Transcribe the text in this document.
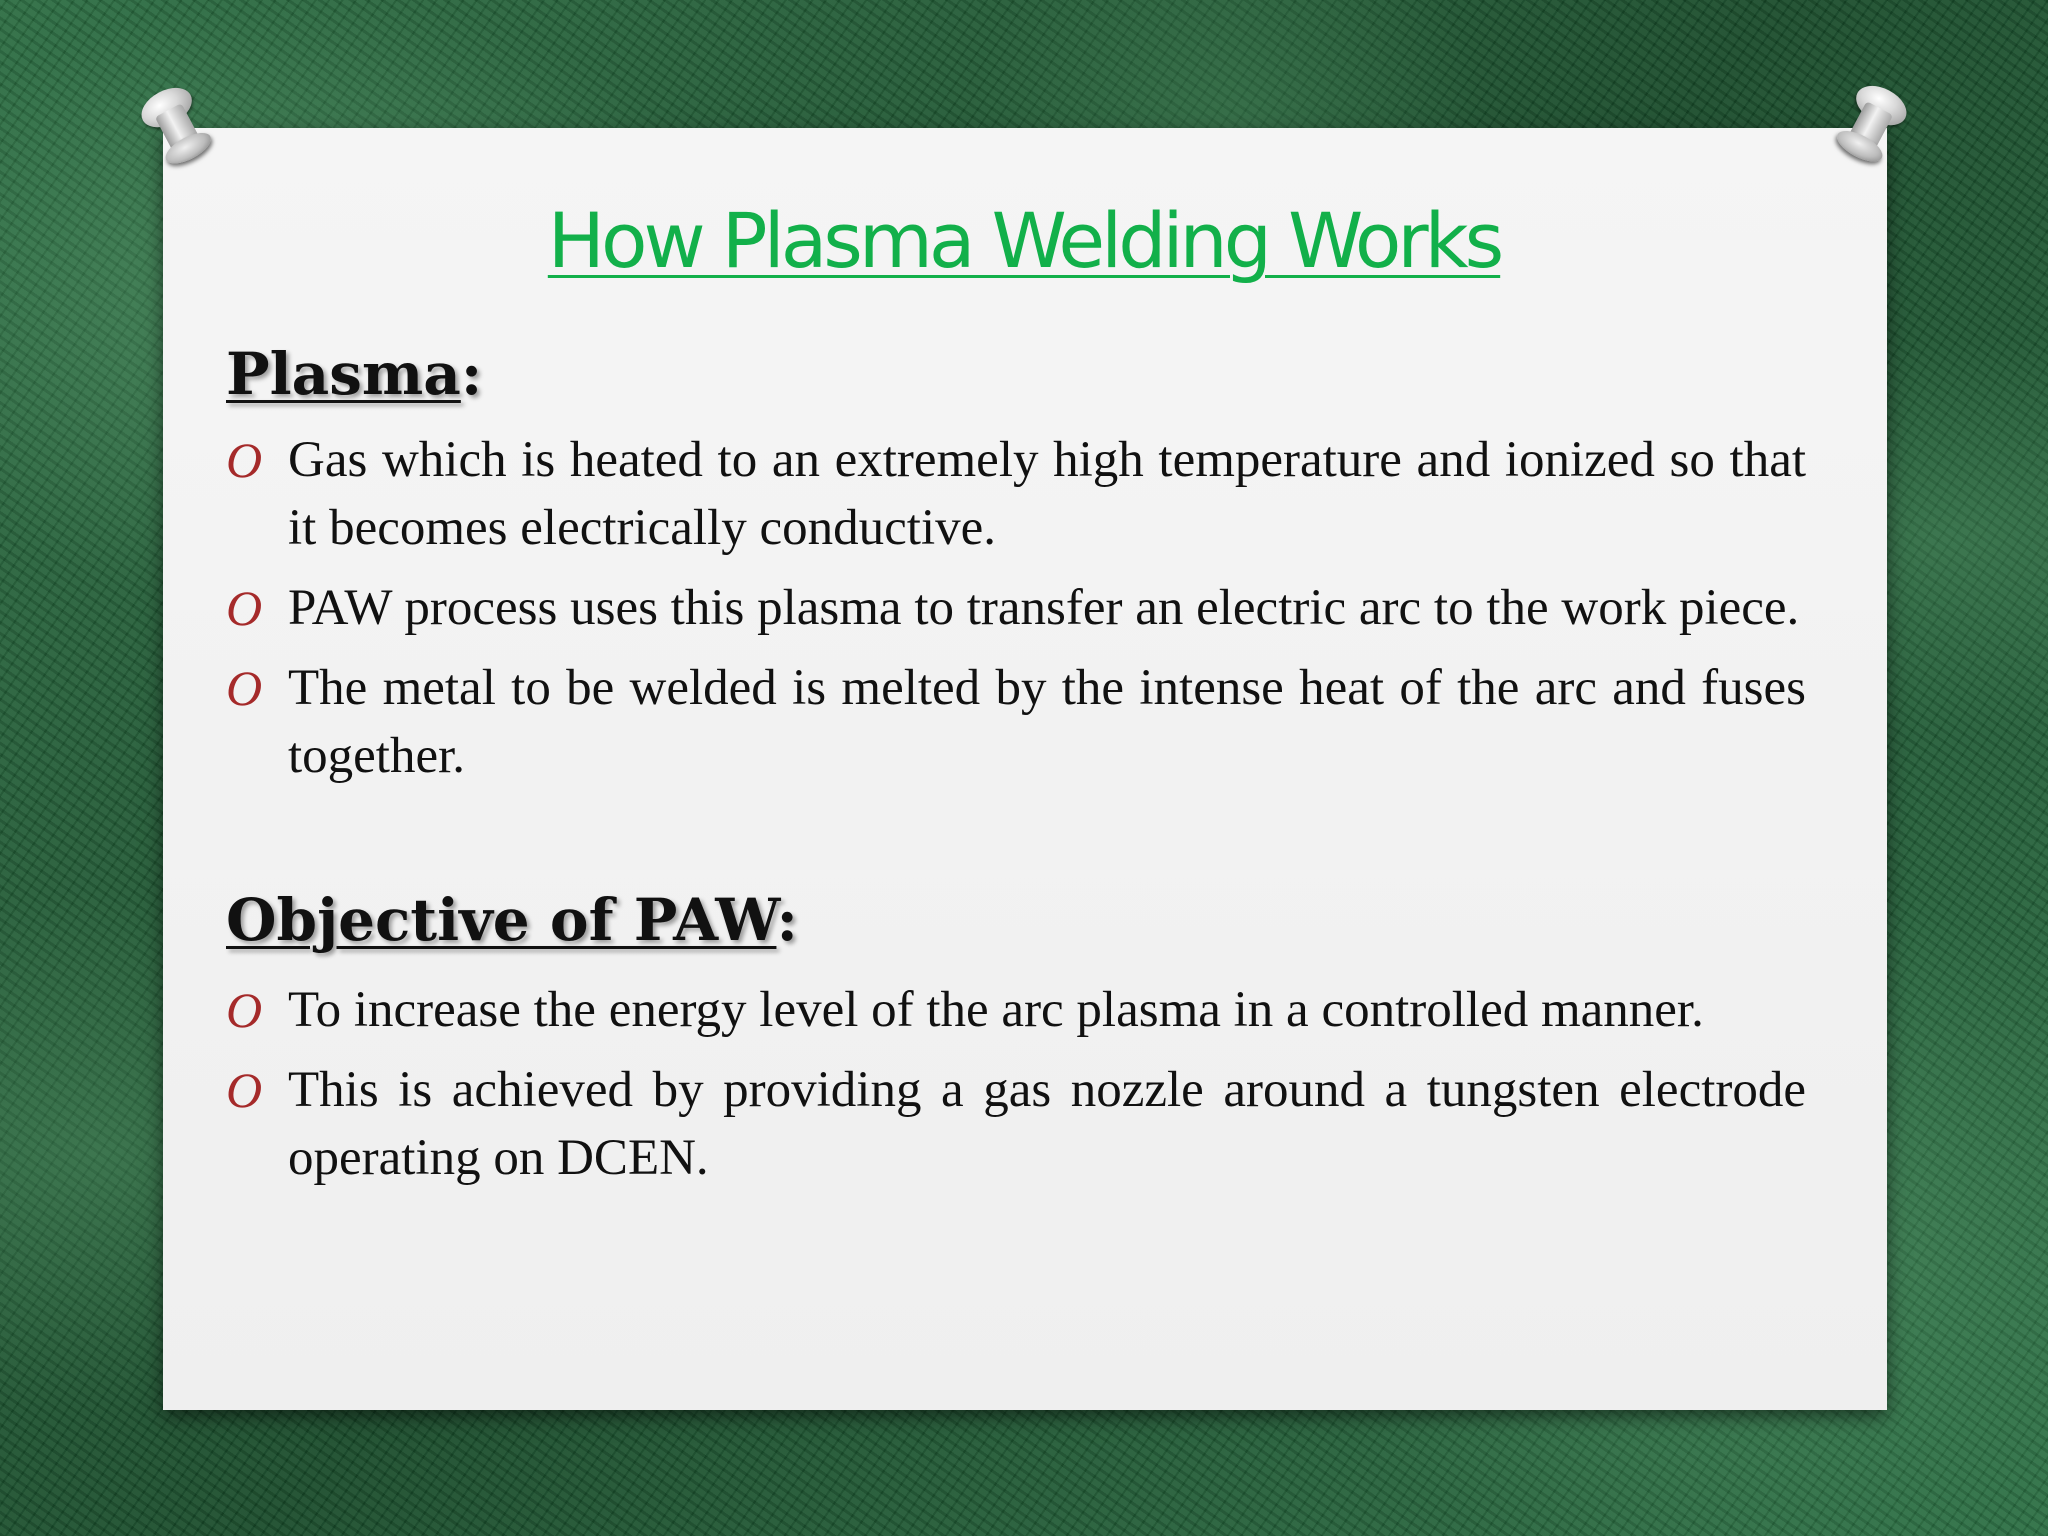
How Plasma Welding Works
Plasma:
O Gas which is heated to an extremely high temperature and ionized so that it becomes electrically conductive.
O PAW process uses this plasma to transfer an electric arc to the work piece.
O The metal to be welded is melted by the intense heat of the arc and fuses together.
Objective of PAW:
O To increase the energy level of the arc plasma in a controlled manner.
O This is achieved by providing a gas nozzle around a tungsten electrode operating on DCEN.
